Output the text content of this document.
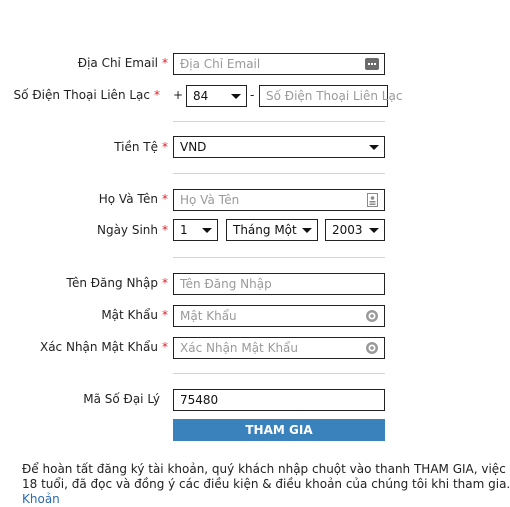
Địa Chỉ Email *	Địa Chỉ Email
Số Điện Thoại Liên Lạc * + 84	- Số Điện Thoại Liên Lạc
Tiền Tệ *	VND
Họ Và Tên *	Họ Và Tên
Ngày Sinh *	1	Tháng Một	2003
Tên Đăng Nhập *	Tên Đăng Nhập
Mật Khẩu *	Mật Khẩu
Xác Nhận Mật Khẩu *	Xác Nhận Mật Khẩu
Mã Số Đại Lý	75480
THAM GIA
Để hoàn tất đăng ký tài khoản, quý khách nhập chuột vào thanh THAM GIA, việc
18 tuổi, đã đọc và đồng ý các điều kiện & điều khoản của chúng tôi khi tham gia.
Khoản
